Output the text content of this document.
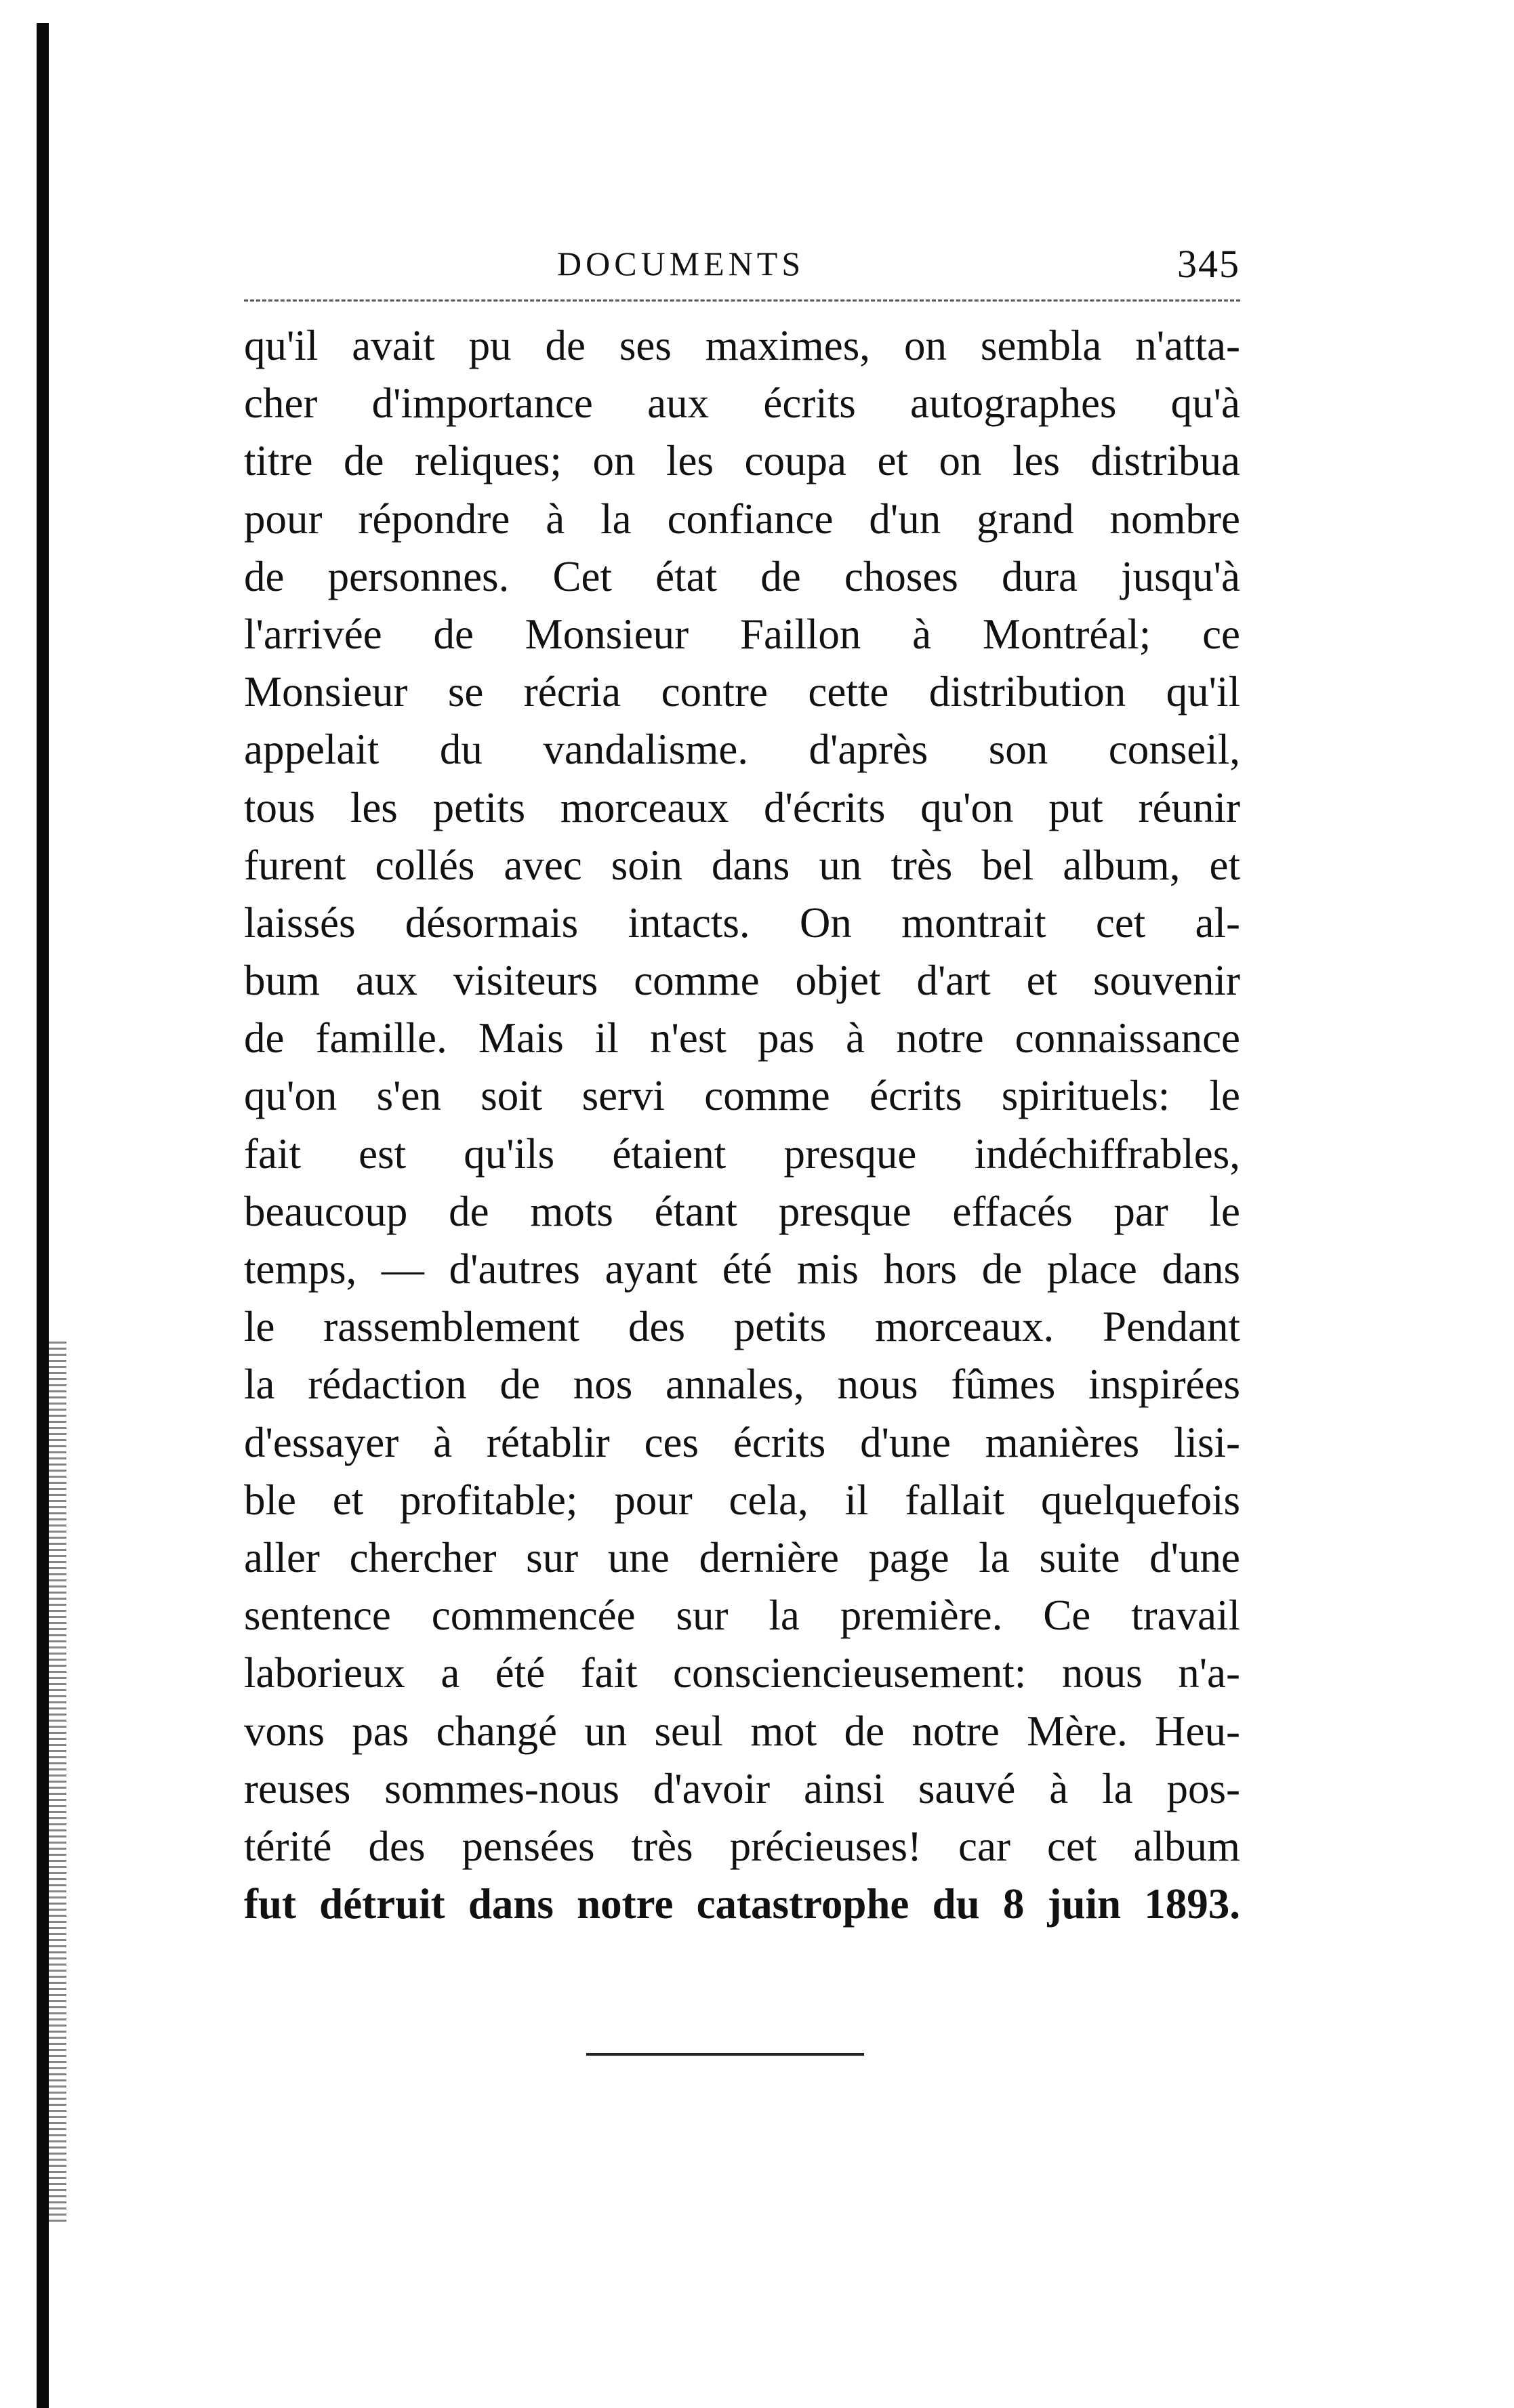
DOCUMENTS	345
qu'il avait pu de ses maximes, on sembla n'atta-
cher d'importance aux écrits autographes qu'à
titre de reliques; on les coupa et on les distribua
pour répondre à la confiance d'un grand nombre
de personnes. Cet état de choses dura jusqu'à
l'arrivée de Monsieur Faillon à Montréal; ce
Monsieur se récria contre cette distribution qu'il
appelait du vandalisme. d'après son conseil,
tous les petits morceaux d'écrits qu'on put réunir
furent collés avec soin dans un très bel album, et
laissés désormais intacts. On montrait cet al-
bum aux visiteurs comme objet d'art et souvenir
de famille. Mais il n'est pas à notre connaissance
qu'on s'en soit servi comme écrits spirituels: le
fait est qu'ils étaient presque indéchiffrables,
beaucoup de mots étant presque effacés par le
temps, — d'autres ayant été mis hors de place dans
le rassemblement des petits morceaux. Pendant
la rédaction de nos annales, nous fûmes inspirées
d'essayer à rétablir ces écrits d'une manières lisi-
ble et profitable; pour cela, il fallait quelquefois
aller chercher sur une dernière page la suite d'une
sentence commencée sur la première. Ce travail
laborieux a été fait consciencieusement: nous n'a-
vons pas changé un seul mot de notre Mère. Heu-
reuses sommes-nous d'avoir ainsi sauvé à la pos-
térité des pensées très précieuses! car cet album
fut détruit dans notre catastrophe du 8 juin 1893.
